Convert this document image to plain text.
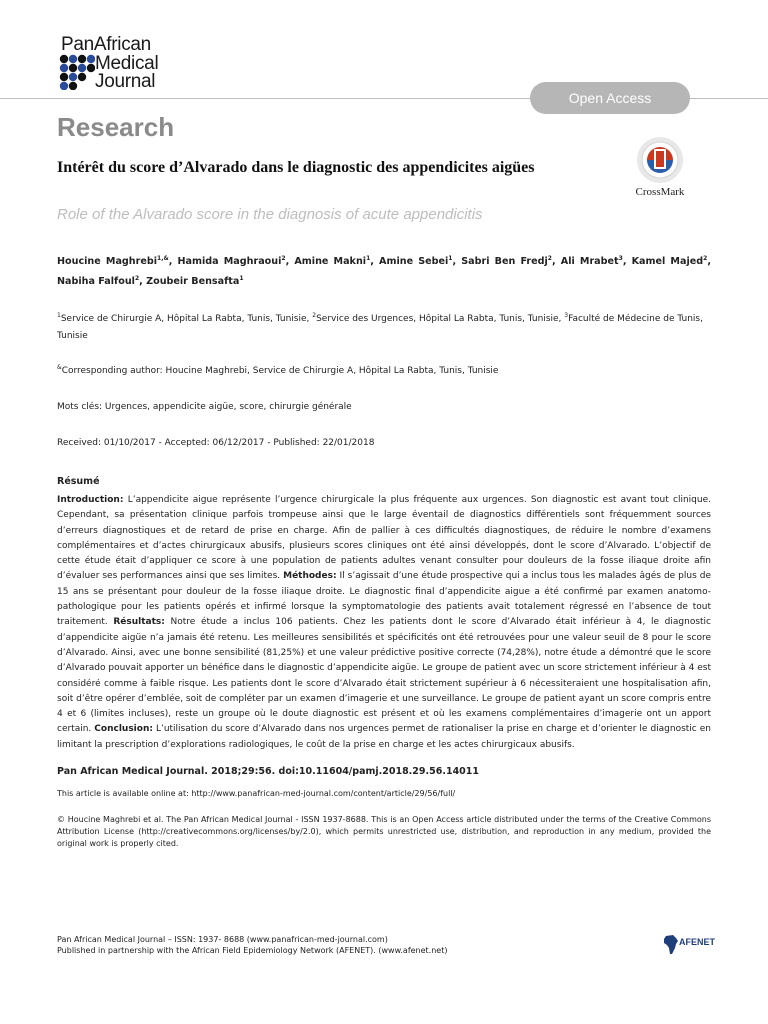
PanAfrican
Medical
Journal
Open Access
Research
Intérêt du score d’Alvarado dans le diagnostic des appendicites aigües
Role of the Alvarado score in the diagnosis of acute appendicitis
CrossMark
Houcine Maghrebi$^{1,\&}$, Hamida Maghraoui$^2$, Amine Makni$^1$, Amine Sebei$^1$, Sabri Ben Fredj$^2$, Ali Mrabet$^3$, Kamel Majed$^2$, Nabiha Falfoul$^2$, Zoubeir Bensafta$^1$
$^1$Service de Chirurgie A, Hôpital La Rabta, Tunis, Tunisie, $^2$Service des Urgences, Hôpital La Rabta, Tunis, Tunisie, $^3$Faculté de Médecine de Tunis, Tunisie
&Corresponding author: Houcine Maghrebi, Service de Chirurgie A, Hôpital La Rabta, Tunis, Tunisie
Mots clés: Urgences, appendicite aigüe, score, chirurgie générale
Received: 01/10/2017 - Accepted: 06/12/2017 - Published: 22/01/2018
Résumé
Introduction: L’appendicite aigue représente l’urgence chirurgicale la plus fréquente aux urgences. Son diagnostic est avant tout clinique. Cependant, sa présentation clinique parfois trompeuse ainsi que le large éventail de diagnostics différentiels sont fréquemment sources d’erreurs diagnostiques et de retard de prise en charge. Afin de pallier à ces difficultés diagnostiques, de réduire le nombre d’examens complémentaires et d’actes chirurgicaux abusifs, plusieurs scores cliniques ont été ainsi développés, dont le score d’Alvarado. L’objectif de cette étude était d’appliquer ce score à une population de patients adultes venant consulter pour douleurs de la fosse iliaque droite afin d’évaluer ses performances ainsi que ses limites. Méthodes: Il s’agissait d’une étude prospective qui a inclus tous les malades âgés de plus de 15 ans se présentant pour douleur de la fosse iliaque droite. Le diagnostic final d’appendicite aigue a été confirmé par examen anatomo-pathologique pour les patients opérés et infirmé lorsque la symptomatologie des patients avait totalement régressé en l’absence de tout traitement. Résultats: Notre étude a inclus 106 patients. Chez les patients dont le score d’Alvarado était inférieur à 4, le diagnostic d’appendicite aigüe n’a jamais été retenu. Les meilleures sensibilités et spécificités ont été retrouvées pour une valeur seuil de 8 pour le score d’Alvarado. Ainsi, avec une bonne sensibilité (81,25%) et une valeur prédictive positive correcte (74,28%), notre étude a démontré que le score d’Alvarado pouvait apporter un bénéfice dans le diagnostic d’appendicite aigüe. Le groupe de patient avec un score strictement inférieur à 4 est considéré comme à faible risque. Les patients dont le score d’Alvarado était strictement supérieur à 6 nécessiteraient une hospitalisation afin, soit d’être opérer d’emblée, soit de compléter par un examen d’imagerie et une surveillance. Le groupe de patient ayant un score compris entre 4 et 6 (limites incluses), reste un groupe où le doute diagnostic est présent et où les examens complémentaires d’imagerie ont un apport certain. Conclusion: L’utilisation du score d’Alvarado dans nos urgences permet de rationaliser la prise en charge et d’orienter le diagnostic en limitant la prescription d’explorations radiologiques, le coût de la prise en charge et les actes chirurgicaux abusifs.
Pan African Medical Journal. 2018;29:56. doi:10.11604/pamj.2018.29.56.14011
This article is available online at: http://www.panafrican-med-journal.com/content/article/29/56/full/
© Houcine Maghrebi et al. The Pan African Medical Journal - ISSN 1937-8688. This is an Open Access article distributed under the terms of the Creative Commons Attribution License (http://creativecommons.org/licenses/by/2.0), which permits unrestricted use, distribution, and reproduction in any medium, provided the original work is properly cited.
Pan African Medical Journal – ISSN: 1937- 8688 (www.panafrican-med-journal.com)
Published in partnership with the African Field Epidemiology Network (AFENET). (www.afenet.net)
AFENET
